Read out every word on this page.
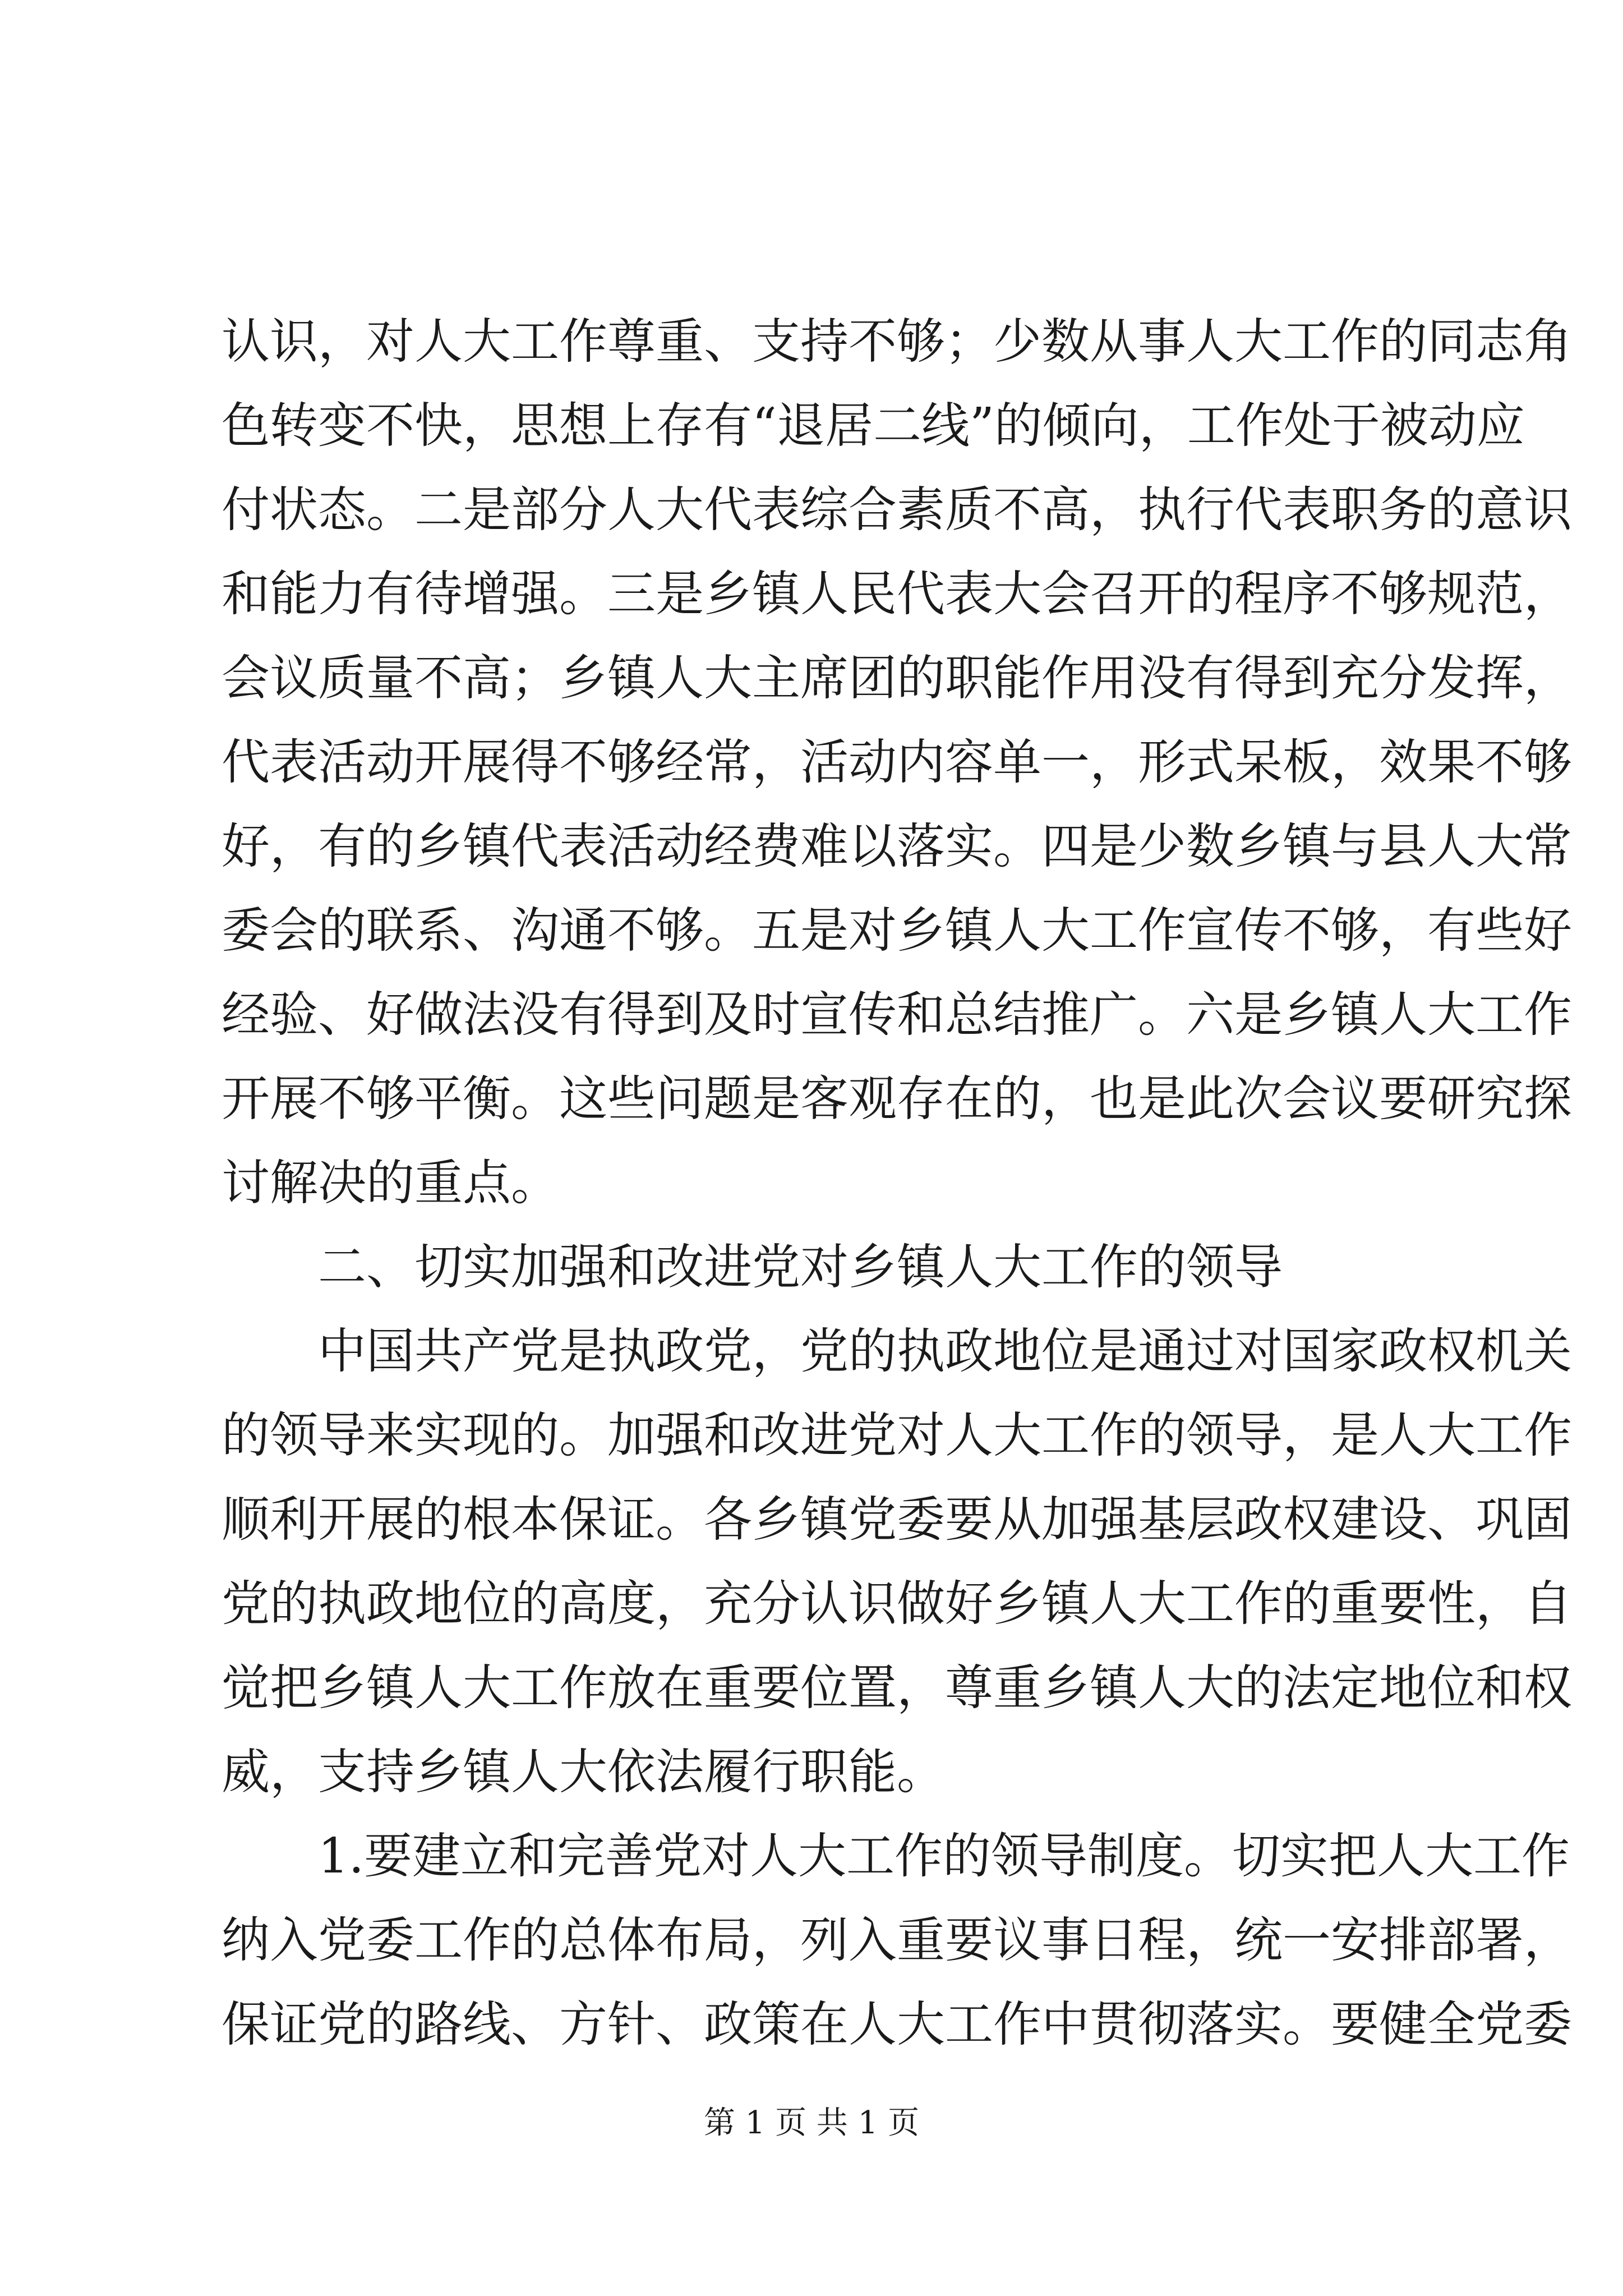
认识，对人大工作尊重、支持不够；少数从事人大工作的同志角
色转变不快，思想上存有“退居二线”的倾向，工作处于被动应
付状态。二是部分人大代表综合素质不高，执行代表职务的意识
和能力有待增强。三是乡镇人民代表大会召开的程序不够规范，
会议质量不高；乡镇人大主席团的职能作用没有得到充分发挥，
代表活动开展得不够经常，活动内容单一，形式呆板，效果不够
好，有的乡镇代表活动经费难以落实。四是少数乡镇与县人大常
委会的联系、沟通不够。五是对乡镇人大工作宣传不够，有些好
经验、好做法没有得到及时宣传和总结推广。六是乡镇人大工作
开展不够平衡。这些问题是客观存在的，也是此次会议要研究探
讨解决的重点。
二、切实加强和改进党对乡镇人大工作的领导
中国共产党是执政党，党的执政地位是通过对国家政权机关
的领导来实现的。加强和改进党对人大工作的领导，是人大工作
顺利开展的根本保证。各乡镇党委要从加强基层政权建设、巩固
党的执政地位的高度，充分认识做好乡镇人大工作的重要性，自
觉把乡镇人大工作放在重要位置，尊重乡镇人大的法定地位和权
威，支持乡镇人大依法履行职能。
1.要建立和完善党对人大工作的领导制度。切实把人大工作
纳入党委工作的总体布局，列入重要议事日程，统一安排部署，
保证党的路线、方针、政策在人大工作中贯彻落实。要健全党委
第 1 页 共 1 页
